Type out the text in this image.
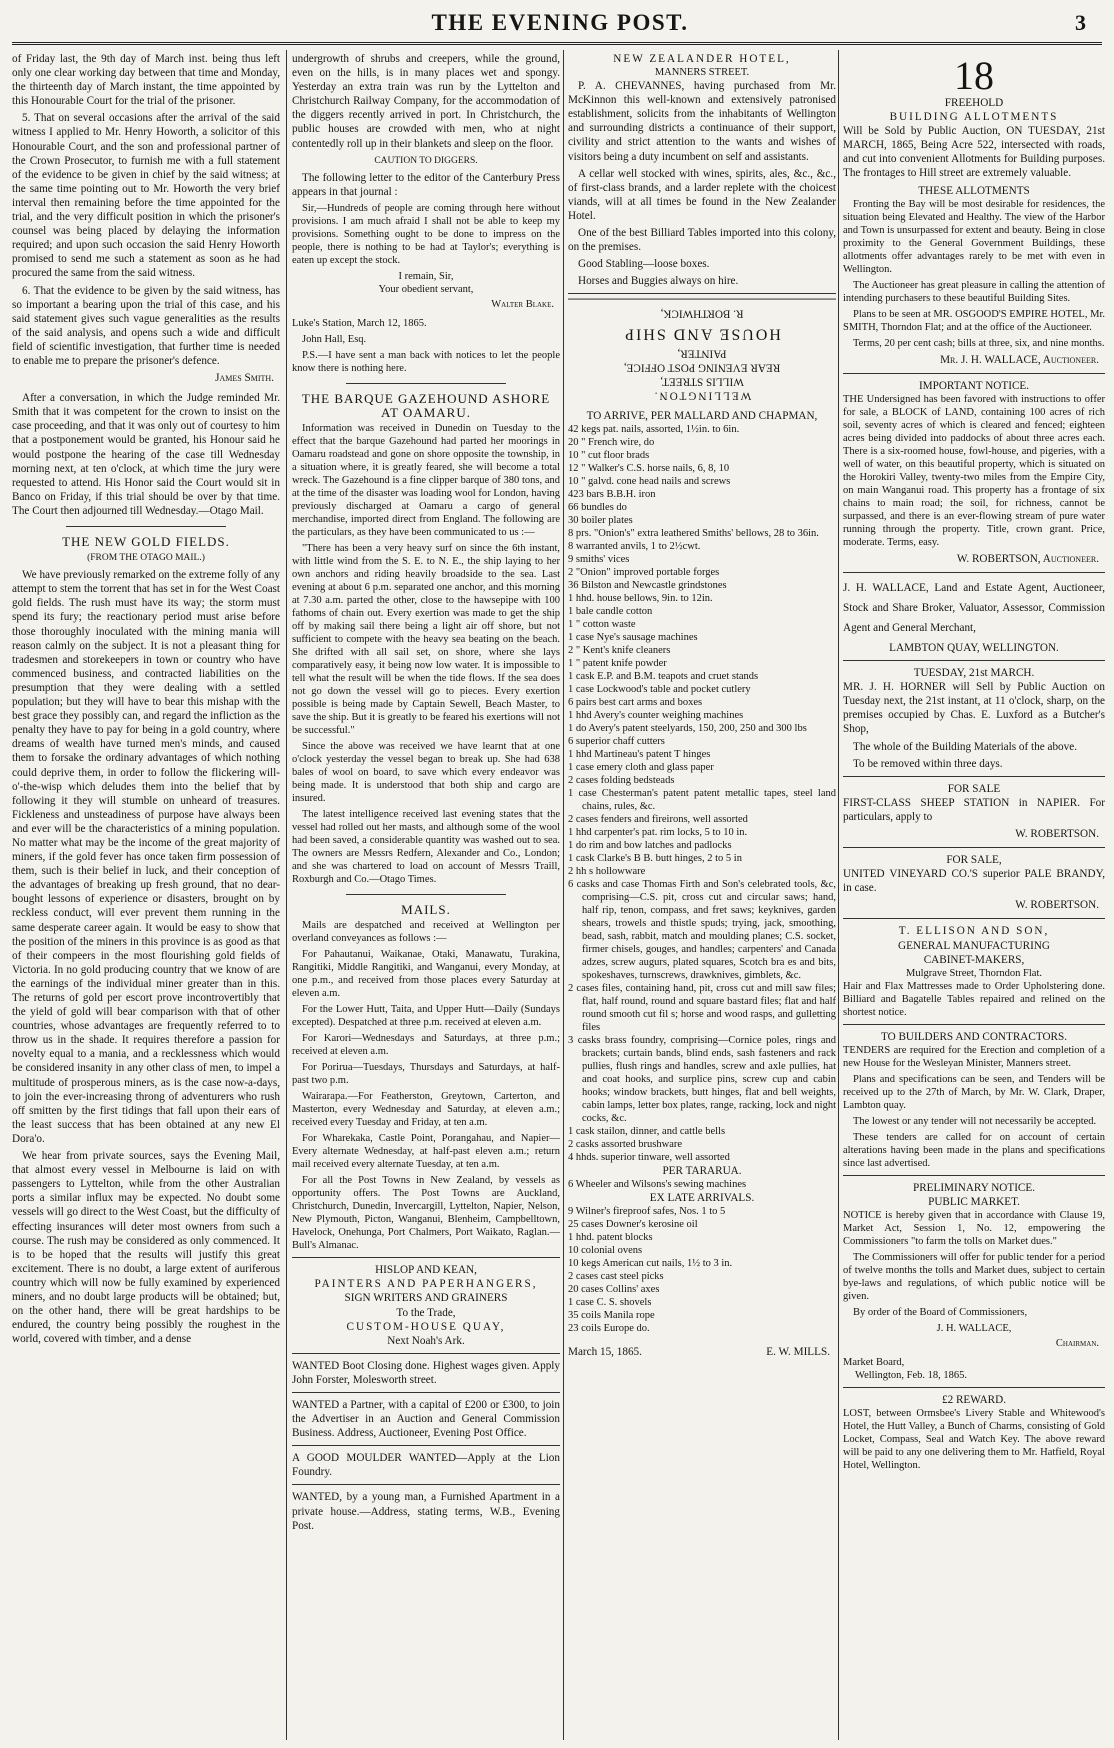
THE EVENING POST.	3

of Friday last, the 9th day of March inst. being thus left only one clear working day between that time and Monday, the thirteenth day of March instant, the time appointed by this Honourable Court for the trial of the prisoner.

5. That on several occasions after the arrival of the said witness I applied to Mr. Henry Howorth, a solicitor of this Honourable Court, and the son and professional partner of the Crown Prosecutor, to furnish me with a full statement of the evidence to be given in chief by the said witness; at the same time pointing out to Mr. Howorth the very brief interval then remaining before the time appointed for the trial, and the very difficult position in which the prisoner's counsel was being placed by delaying the information required; and upon such occasion the said Henry Howorth promised to send me such a statement as soon as he had procured the same from the said witness.

6. That the evidence to be given by the said witness, has so important a bearing upon the trial of this case, and his said statement gives such vague generalities as the results of the said analysis, and opens such a wide and difficult field of scientific investigation, that further time is needed to enable me to prepare the prisoner's defence.

James Smith.

After a conversation, in which the Judge reminded Mr. Smith that it was competent for the crown to insist on the case proceeding, and that it was only out of courtesy to him that a postponement would be granted, his Honour said he would postpone the hearing of the case till Wednesday morning next, at ten o'clock, at which time the jury were requested to attend. His Honor said the Court would sit in Banco on Friday, if this trial should be over by that time. The Court then adjourned till Wednesday.—Otago Mail.

THE NEW GOLD FIELDS.
(FROM THE OTAGO MAIL.)

We have previously remarked on the extreme folly of any attempt to stem the torrent that has set in for the West Coast gold fields. The rush must have its way; the storm must spend its fury; the reactionary period must arise before those thoroughly inoculated with the mining mania will reason calmly on the subject. It is not a pleasant thing for tradesmen and storekeepers in town or country who have commenced business, and contracted liabilities on the presumption that they were dealing with a settled population; but they will have to bear this mishap with the best grace they possibly can, and regard the infliction as the penalty they have to pay for being in a gold country, where dreams of wealth have turned men's minds, and caused them to forsake the ordinary advantages of which nothing could deprive them, in order to follow the flickering will-o'-the-wisp which deludes them into the belief that by following it they will stumble on unheard of treasures. Fickleness and unsteadiness of purpose have always been and ever will be the characteristics of a mining population. No matter what may be the income of the great majority of miners, if the gold fever has once taken firm possession of them, such is their belief in luck, and their conception of the advantages of breaking up fresh ground, that no dear-bought lessons of experience or disasters, brought on by reckless conduct, will ever prevent them running in the same desperate career again. It would be easy to show that the position of the miners in this province is as good as that of their compeers in the most flourishing gold fields of Victoria. In no gold producing country that we know of are the earnings of the individual miner greater than in this. The returns of gold per escort prove incontrovertibly that the yield of gold will bear comparison with that of other countries, whose advantages are frequently referred to to throw us in the shade. It requires therefore a passion for novelty equal to a mania, and a recklessness which would be considered insanity in any other class of men, to impel a multitude of prosperous miners, as is the case now-a-days, to join the ever-increasing throng of adventurers who rush off smitten by the first tidings that fall upon their ears of the least success that has been obtained at any new El Dora'o.

We hear from private sources, says the Evening Mail, that almost every vessel in Melbourne is laid on with passengers to Lyttelton, while from the other Australian ports a similar influx may be expected. No doubt some vessels will go direct to the West Coast, but the difficulty of effecting insurances will deter most owners from such a course. The rush may be considered as only commenced. It is to be hoped that the results will justify this great excitement. There is no doubt, a large extent of auriferous country which will now be fully examined by experienced miners, and no doubt large products will be obtained; but, on the other hand, there will be great hardships to be endured, the country being possibly the roughest in the world, covered with timber, and a dense

undergrowth of shrubs and creepers, while the ground, even on the hills, is in many places wet and spongy. Yesterday an extra train was run by the Lyttelton and Christchurch Railway Company, for the accommodation of the diggers recently arrived in port. In Christchurch, the public houses are crowded with men, who at night contentedly roll up in their blankets and sleep on the floor.

CAUTION TO DIGGERS.

The following letter to the editor of the Canterbury Press appears in that journal :

Sir,—Hundreds of people are coming through here without provisions. I am much afraid I shall not be able to keep my provisions. Something ought to be done to impress on the people, there is nothing to be had at Taylor's; everything is eaten up except the stock.

I remain, Sir,
Your obedient servant,
Walter Blake.

Luke's Station, March 12, 1865.

John Hall, Esq.

P.S.—I have sent a man back with notices to let the people know there is nothing here.

THE BARQUE GAZEHOUND ASHORE AT OAMARU.

Information was received in Dunedin on Tuesday to the effect that the barque Gazehound had parted her moorings in Oamaru roadstead and gone on shore opposite the township, in a situation where, it is greatly feared, she will become a total wreck. The Gazehound is a fine clipper barque of 380 tons, and at the time of the disaster was loading wool for London, having previously discharged at Oamaru a cargo of general merchandise, imported direct from England. The following are the particulars, as they have been communicated to us :—

"There has been a very heavy surf on since the 6th instant, with little wind from the S. E. to N. E., the ship laying to her own anchors and riding heavily broadside to the sea. Last evening at about 6 p.m. separated one anchor, and this morning at 7.30 a.m. parted the other, close to the hawsepipe with 100 fathoms of chain out. Every exertion was made to get the ship off by making sail there being a light air off shore, but not sufficient to compete with the heavy sea beating on the beach. She drifted with all sail set, on shore, where she lays comparatively easy, it being now low water. It is impossible to tell what the result will be when the tide flows. If the sea does not go down the vessel will go to pieces. Every exertion possible is being made by Captain Sewell, Beach Master, to save the ship. But it is greatly to be feared his exertions will not be successful."

Since the above was received we have learnt that at one o'clock yesterday the vessel began to break up. She had 638 bales of wool on board, to save which every endeavor was being made. It is understood that both ship and cargo are insured.

The latest intelligence received last evening states that the vessel had rolled out her masts, and although some of the wool had been saved, a considerable quantity was washed out to sea. The owners are Messrs Redfern, Alexander and Co., London; and she was chartered to load on account of Messrs Traill, Roxburgh and Co.—Otago Times.

MAILS.

Mails are despatched and received at Wellington per overland conveyances as follows :—

For Pahautanui, Waikanae, Otaki, Manawatu, Turakina, Rangitiki, Middle Rangitiki, and Wanganui, every Monday, at one p.m., and received from those places every Saturday at eleven a.m.

For the Lower Hutt, Taita, and Upper Hutt—Daily (Sundays excepted). Despatched at three p.m. received at eleven a.m.

For Karori—Wednesdays and Saturdays, at three p.m.; received at eleven a.m.

For Porirua—Tuesdays, Thursdays and Saturdays, at half-past two p.m.

Wairarapa.—For Featherston, Greytown, Carterton, and Masterton, every Wednesday and Saturday, at eleven a.m.; received every Tuesday and Friday, at ten a.m.

For Wharekaka, Castle Point, Porangahau, and Napier—Every alternate Wednesday, at half-past eleven a.m.; return mail received every alternate Tuesday, at ten a.m.

For all the Post Towns in New Zealand, by vessels as opportunity offers. The Post Towns are Auckland, Christchurch, Dunedin, Invercargill, Lyttelton, Napier, Nelson, New Plymouth, Picton, Wanganui, Blenheim, Campbelltown, Havelock, Onehunga, Port Chalmers, Port Waikato, Raglan.—Bull's Almanac.

HISLOP AND KEAN,
PAINTERS AND PAPERHANGERS,
SIGN WRITERS AND GRAINERS
To the Trade,
CUSTOM-HOUSE QUAY,
Next Noah's Ark.

WANTED Boot Closing done. Highest wages given. Apply John Forster, Molesworth street.

WANTED a Partner, with a capital of £200 or £300, to join the Advertiser in an Auction and General Commission Business. Address, Auctioneer, Evening Post Office.

A GOOD MOULDER WANTED—Apply at the Lion Foundry.

WANTED, by a young man, a Furnished Apartment in a private house.—Address, stating terms, W.B., Evening Post.

NEW ZEALANDER HOTEL,
MANNERS STREET.

P. A. CHEVANNES, having purchased from Mr. McKinnon this well-known and extensively patronised establishment, solicits from the inhabitants of Wellington and surrounding districts a continuance of their support, civility and strict attention to the wants and wishes of visitors being a duty incumbent on self and assistants.

A cellar well stocked with wines, spirits, ales, &c., &c., of first-class brands, and a larder replete with the choicest viands, will at all times be found in the New Zealander Hotel.

One of the best Billiard Tables imported into this colony, on the premises.

Good Stabling—loose boxes.

Horses and Buggies always on hire.

WELLINGTON.
WILLIS STREET,
REAR EVENING POST OFFICE,
PAINTER,
HOUSE AND SHIP
R. BORTHWICK,
TO ARRIVE, PER MALLARD AND CHAPMAN,

42 kegs pat. nails, assorted, 1½in. to 6in.

20 " French wire, do

10 " cut floor brads

12 " Walker's C.S. horse nails, 6, 8, 10

10 " galvd. cone head nails and screws

423 bars B.B.H. iron

66 bundles do

30 boiler plates

8 prs. "Onion's" extra leathered Smiths' bellows, 28 to 36in.

8 warranted anvils, 1 to 2½cwt.

9 smiths' vices

2 "Onion" improved portable forges

36 Bilston and Newcastle grindstones

1 hhd. house bellows, 9in. to 12in.

1 bale candle cotton

1 " cotton waste

1 case Nye's sausage machines

2 " Kent's knife cleaners

1 " patent knife powder

1 cask E.P. and B.M. teapots and cruet stands

1 case Lockwood's table and pocket cutlery

6 pairs best cart arms and boxes

1 hhd Avery's counter weighing machines

1 do Avery's patent steelyards, 150, 200, 250 and 300 lbs

6 superior chaff cutters

1 hhd Martineau's patent T hinges

1 case emery cloth and glass paper

2 cases folding bedsteads

1 case Chesterman's patent patent metallic tapes, steel land chains, rules, &c.

2 cases fenders and fireirons, well assorted

1 hhd carpenter's pat. rim locks, 5 to 10 in.

1 do rim and bow latches and padlocks

1 cask Clarke's B B. butt hinges, 2 to 5 in

2 hh s hollowware

6 casks and case Thomas Firth and Son's celebrated tools, &c, comprising—C.S. pit, cross cut and circular saws; hand, half rip, tenon, compass, and fret saws; keyknives, garden shears, trowels and thistle spuds; trying, jack, smoothing, bead, sash, rabbit, match and moulding planes; C.S. socket, firmer chisels, gouges, and handles; carpenters' and Canada adzes, screw augurs, plated squares, Scotch bra es and bits, spokeshaves, turnscrews, drawknives, gimblets, &c.

2 cases files, containing hand, pit, cross cut and mill saw files; flat, half round, round and square bastard files; flat and half round smooth cut fil s; horse and wood rasps, and gulletting files

3 casks brass foundry, comprising—Cornice poles, rings and brackets; curtain bands, blind ends, sash fasteners and rack pullies, flush rings and handles, screw and axle pullies, hat and coat hooks, and surplice pins, screw cup and cabin hooks; window brackets, butt hinges, flat and bell weights, cabin lamps, letter box plates, range, racking, lock and night cocks, &c.

1 cask stailon, dinner, and cattle bells

2 casks assorted brushware

4 hhds. superior tinware, well assorted

PER TARARUA.

6 Wheeler and Wilsons's sewing machines

EX LATE ARRIVALS.

9 Wilner's fireproof safes, Nos. 1 to 5

25 cases Downer's kerosine oil

1 hhd. patent blocks

10 colonial ovens

10 kegs American cut nails, 1½ to 3 in.

2 cases cast steel picks

20 cases Collins' axes

1 case C. S. shovels

35 coils Manila rope

23 coils Europe do.

March 15, 1865.	E. W. MILLS.
18
FREEHOLD
BUILDING ALLOTMENTS

Will be Sold by Public Auction, ON TUESDAY, 21st MARCH, 1865, Being Acre 522, intersected with roads, and cut into convenient Allotments for Building purposes. The frontages to Hill street are extremely valuable.

THESE ALLOTMENTS

Fronting the Bay will be most desirable for residences, the situation being Elevated and Healthy. The view of the Harbor and Town is unsurpassed for extent and beauty. Being in close proximity to the General Government Buildings, these allotments offer advantages rarely to be met with even in Wellington.

The Auctioneer has great pleasure in calling the attention of intending purchasers to these beautiful Building Sites.

Plans to be seen at MR. OSGOOD'S EMPIRE HOTEL, Mr. SMITH, Thorndon Flat; and at the office of the Auctioneer.

Terms, 20 per cent cash; bills at three, six, and nine months.

Mr. J. H. WALLACE, Auctioneer.
IMPORTANT NOTICE.

THE Undersigned has been favored with instructions to offer for sale, a BLOCK of LAND, containing 100 acres of rich soil, seventy acres of which is cleared and fenced; eighteen acres being divided into paddocks of about three acres each. There is a six-roomed house, fowl-house, and pigeries, with a well of water, on this beautiful property, which is situated on the Horokiri Valley, twenty-two miles from the Empire City, on main Wanganui road. This property has a frontage of six chains to main road; the soil, for richness, cannot be surpassed, and there is an ever-flowing stream of pure water running through the property. Title, crown grant. Price, moderate. Terms, easy.

W. ROBERTSON, Auctioneer.

J. H. WALLACE, Land and Estate Agent, Auctioneer, Stock and Share Broker, Valuator, Assessor, Commission Agent and General Merchant,

LAMBTON QUAY, WELLINGTON.
TUESDAY, 21st MARCH.

MR. J. H. HORNER will Sell by Public Auction on Tuesday next, the 21st instant, at 11 o'clock, sharp, on the premises occupied by Chas. E. Luxford as a Butcher's Shop,

The whole of the Building Materials of the above.

To be removed within three days.

FOR SALE

FIRST-CLASS SHEEP STATION in NAPIER. For particulars, apply to

W. ROBERTSON.
FOR SALE,

UNITED VINEYARD CO.'S superior PALE BRANDY, in case.

W. ROBERTSON.
T. ELLISON AND SON,
GENERAL MANUFACTURING
CABINET-MAKERS,
Mulgrave Street, Thorndon Flat.

Hair and Flax Mattresses made to Order Upholstering done. Billiard and Bagatelle Tables repaired and relined on the shortest notice.

TO BUILDERS AND CONTRACTORS.

TENDERS are required for the Erection and completion of a new House for the Wesleyan Minister, Manners street.

Plans and specifications can be seen, and Tenders will be received up to the 27th of March, by Mr. W. Clark, Draper, Lambton quay.

The lowest or any tender will not necessarily be accepted.

These tenders are called for on account of certain alterations having been made in the plans and specifications since last advertised.

PRELIMINARY NOTICE.
PUBLIC MARKET.

NOTICE is hereby given that in accordance with Clause 19, Market Act, Session 1, No. 12, empowering the Commissioners "to farm the tolls on Market dues."

The Commissioners will offer for public tender for a period of twelve months the tolls and Market dues, subject to certain bye-laws and regulations, of which public notice will be given.

By order of the Board of Commissioners,

J. H. WALLACE,
Chairman.
Market Board,
Wellington, Feb. 18, 1865.
£2 REWARD.

LOST, between Ormsbee's Livery Stable and Whitewood's Hotel, the Hutt Valley, a Bunch of Charms, consisting of Gold Locket, Compass, Seal and Watch Key. The above reward will be paid to any one delivering them to Mr. Hatfield, Royal Hotel, Wellington.
